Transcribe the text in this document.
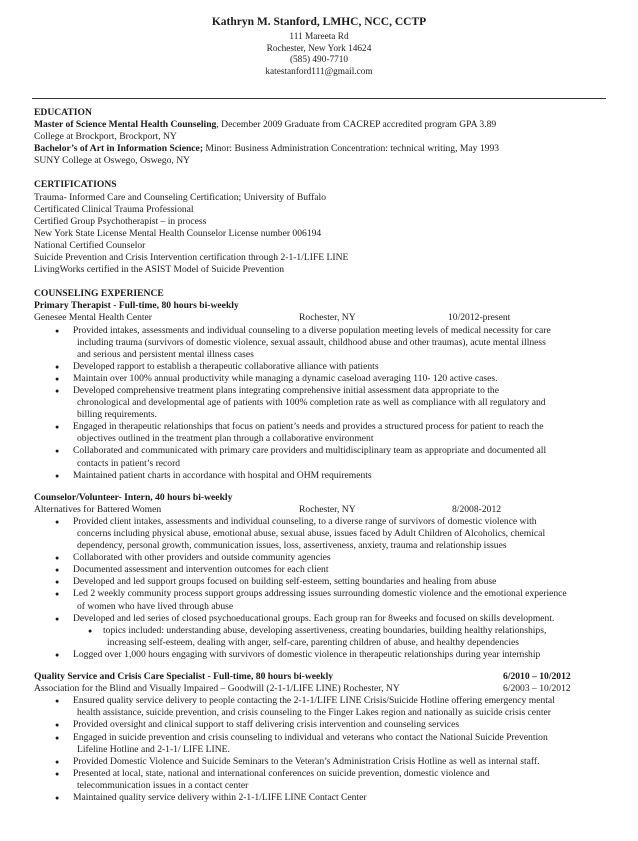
Kathryn M. Stanford, LMHC, NCC, CCTP
111 Mareeta Rd
Rochester, New York 14624
(585) 490-7710
katestanford111@gmail.com
EDUCATION
Master of Science Mental Health Counseling, December 2009 Graduate from CACREP accredited program GPA 3.89
College at Brockport, Brockport, NY
Bachelor’s of Art in Information Science; Minor: Business Administration Concentration: technical writing, May 1993
SUNY College at Oswego, Oswego, NY
CERTIFICATIONS
Trauma- Informed Care and Counseling Certification; University of Buffalo
Certificated Clinical Trauma Professional
Certified Group Psychotherapist – in process
New York State License Mental Health Counselor License number 006194
National Certified Counselor
Suicide Prevention and Crisis Intervention certification through 2-1-1/LIFE LINE
LivingWorks certified in the ASIST Model of Suicide Prevention
COUNSELING EXPERIENCE
Primary Therapist - Full-time, 80 hours bi-weekly
Genesee Mental Health Center	Rochester, NY	10/2012-present
● Provided intakes, assessments and individual counseling to a diverse population meeting levels of medical necessity for care
including trauma (survivors of domestic violence, sexual assault, childhood abuse and other traumas), acute mental illness
and serious and persistent mental illness cases
● Developed rapport to establish a therapeutic collaborative alliance with patients
● Maintain over 100% annual productivity while managing a dynamic caseload averaging 110- 120 active cases.
● Developed comprehensive treatment plans integrating comprehensive initial assessment data appropriate to the
chronological and developmental age of patients with 100% completion rate as well as compliance with all regulatory and
billing requirements.
● Engaged in therapeutic relationships that focus on patient’s needs and provides a structured process for patient to reach the
objectives outlined in the treatment plan through a collaborative environment
● Collaborated and communicated with primary care providers and multidisciplinary team as appropriate and documented all
contacts in patient’s record
● Maintained patient charts in accordance with hospital and OHM requirements
Counselor/Volunteer- Intern, 40 hours bi-weekly
Alternatives for Battered Women	Rochester, NY	8/2008-2012
● Provided client intakes, assessments and individual counseling, to a diverse range of survivors of domestic violence with
concerns including physical abuse, emotional abuse, sexual abuse, issues faced by Adult Children of Alcoholics, chemical
dependency, personal growth, communication issues, loss, assertiveness, anxiety, trauma and relationship issues
● Collaborated with other providers and outside community agencies
● Documented assessment and intervention outcomes for each client
● Developed and led support groups focused on building self-esteem, setting boundaries and healing from abuse
● Led 2 weekly community process support groups addressing issues surrounding domestic violence and the emotional experience
of women who have lived through abuse
● Developed and led series of closed psychoeducational groups. Each group ran for 8weeks and focused on skills development.
● topics included: understanding abuse, developing assertiveness, creating boundaries, building healthy relationships,
increasing self-esteem, dealing with anger, self-care, parenting children of abuse, and healthy dependencies
● Logged over 1,000 hours engaging with survivors of domestic violence in therapeutic relationships during year internship
Quality Service and Crisis Care Specialist - Full-time, 80 hours bi-weekly	6/2010 – 10/2012
Association for the Blind and Visually Impaired – Goodwill (2-1-1/LIFE LINE) Rochester, NY	6/2003 – 10/2012
● Ensured quality service delivery to people contacting the 2-1-1/LIFE LINE Crisis/Suicide Hotline offering emergency mental
health assistance, suicide prevention, and crisis counseling to the Finger Lakes region and nationally as suicide crisis center
● Provided oversight and clinical support to staff delivering crisis intervention and counseling services
● Engaged in suicide prevention and crisis counseling to individual and veterans who contact the National Suicide Prevention
Lifeline Hotline and 2-1-1/ LIFE LINE.
● Provided Domestic Violence and Suicide Seminars to the Veteran’s Administration Crisis Hotline as well as internal staff.
● Presented at local, state, national and international conferences on suicide prevention, domestic violence and
telecommunication issues in a contact center
● Maintained quality service delivery within 2-1-1/LIFE LINE Contact Center
